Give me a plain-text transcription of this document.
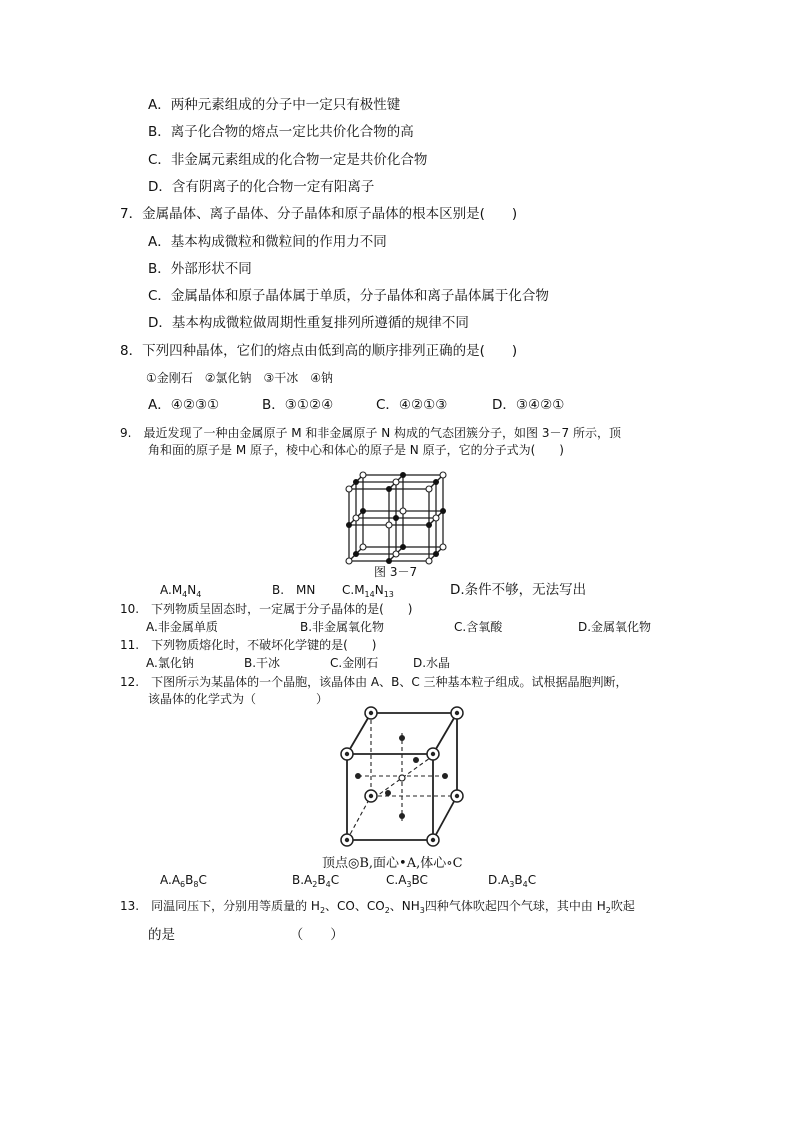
A．两种元素组成的分子中一定只有极性键
B．离子化合物的熔点一定比共价化合物的高
C．非金属元素组成的化合物一定是共价化合物
D．含有阴离子的化合物一定有阳离子
7．金属晶体、离子晶体、分子晶体和原子晶体的根本区别是(　　)
A．基本构成微粒和微粒间的作用力不同
B．外部形状不同
C．金属晶体和原子晶体属于单质，分子晶体和离子晶体属于化合物
D．基本构成微粒做周期性重复排列所遵循的规律不同
8．下列四种晶体，它们的熔点由低到高的顺序排列正确的是(　　)
①金刚石　②氯化钠　③干冰　④钠
A．④②③①	B．③①②④	C．④②①③	D．③④②①
9.　最近发现了一种由金属原子 M 和非金属原子 N 构成的气态团簇分子，如图 3－7 所示，顶
角和面的原子是 M 原子，棱中心和体心的原子是 N 原子，它的分子式为(　　)
图 3－7
$A.M_4N_4$	B.　MN $C.M_{14}N_{13}$	D.条件不够，无法写出
10.　下列物质呈固态时，一定属于分子晶体的是(　　)
A.非金属单质	B.非金属氧化物	C.含氧酸	D.金属氧化物
11.　下列物质熔化时，不破坏化学键的是(　　)
A.氯化钠	B.干冰	C.金刚石	D.水晶
12.　下图所示为某晶体的一个晶胞，该晶体由 A、B、C 三种基本粒子组成。试根据晶胞判断，
该晶体的化学式为（　　　　　）
顶点◎B,面心•A,体心∘C
$A.A_6B_8C$	$B.A_2B_4C$	$C.A_3BC$	$D.A_3B_4C$
13.　同温同压下，分别用等质量的 $H_2$、CO、$CO_2$、$NH_3$四种气体吹起四个气球，其中由 $H_2$吹起
的是　　　　　　　　　（　　）
